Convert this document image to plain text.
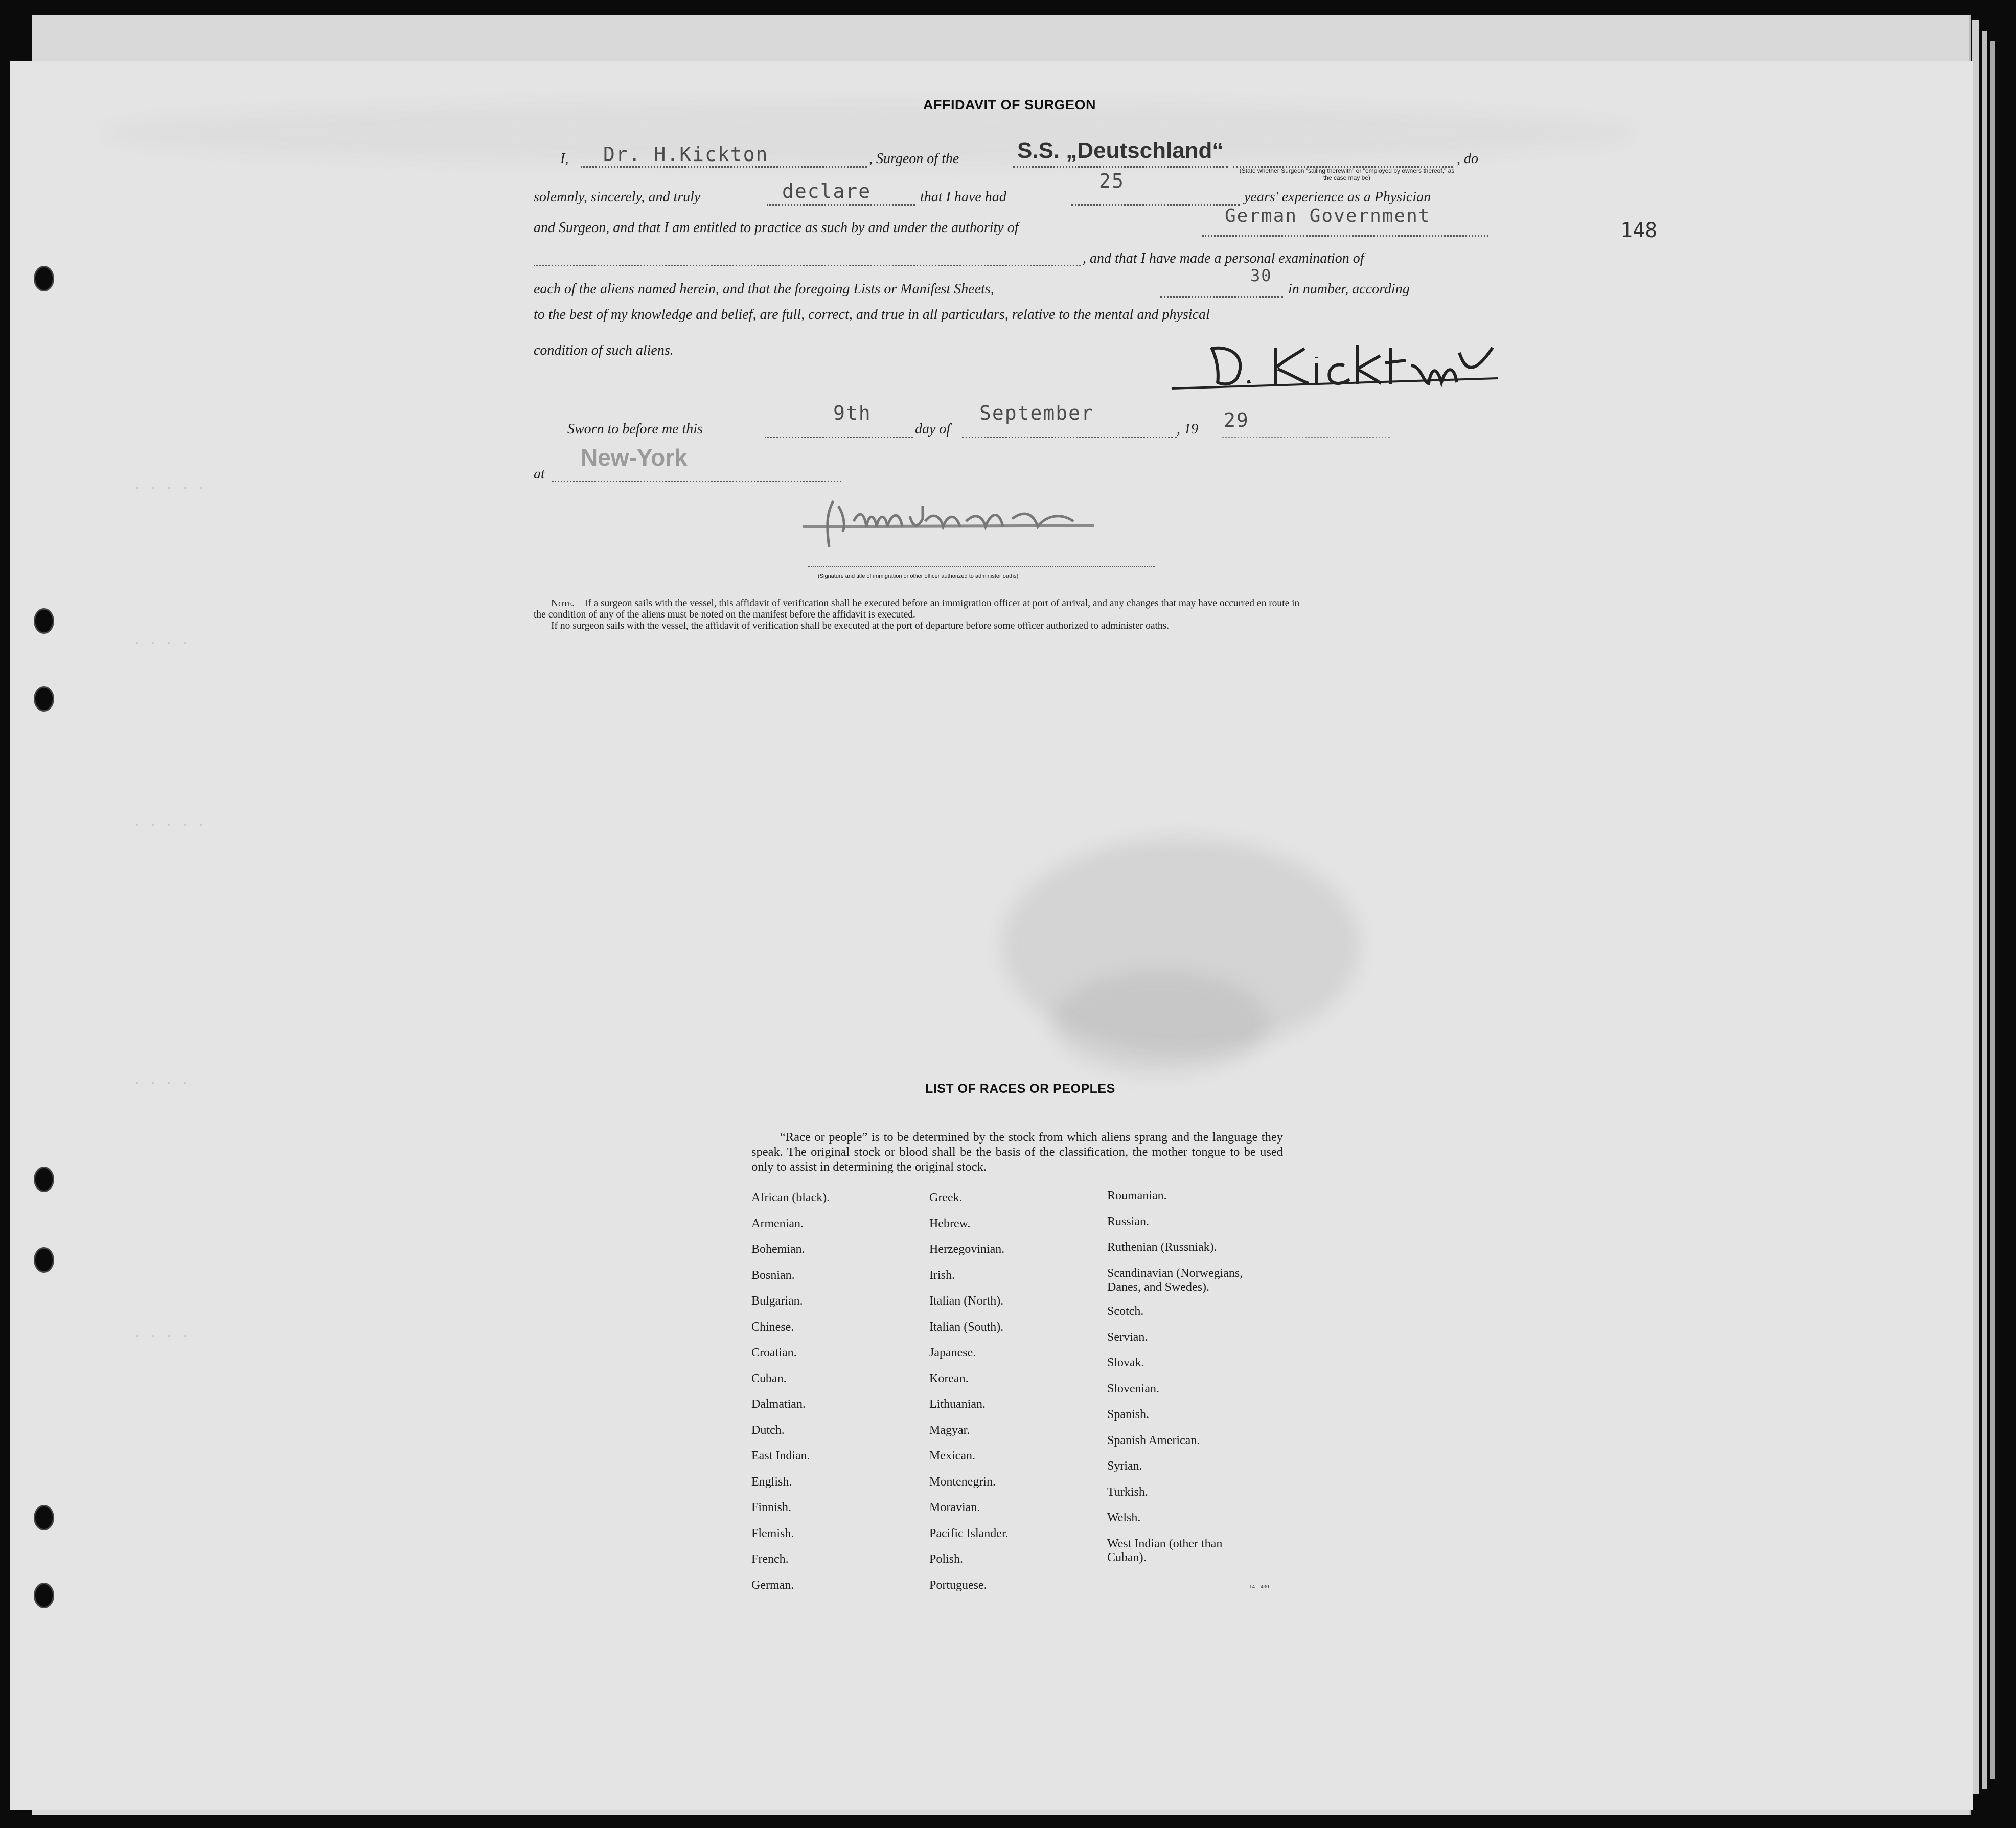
AFFIDAVIT OF SURGEON
I, Dr. H.Kickton	, Surgeon of the	S.S. „Deutschland“
(State whether Surgeon "sailing therewith" or "employed by owners thereof," as the case may be)
, do
solemnly, sincerely, and truly	declare	that I have had
25
years' experience as a Physician
and Surgeon, and that I am entitled to practice as such by and under the authority of
German Government
, and that I have made a personal examination of
each of the aliens named herein, and that the foregoing Lists or Manifest Sheets,
30
in number, according
to the best of my knowledge and belief, are full, correct, and true in all particulars, relative to the mental and physical
condition of such aliens.
148
Sworn to before me this
9th
day of
September
, 19 29
at
New-York
(Signature and title of immigration or other officer authorized to administer oaths)
Note.—If a surgeon sails with the vessel, this affidavit of verification shall be executed before an immigration officer at port of arrival, and any changes that may have occurred en route in
the condition of any of the aliens must be noted on the manifest before the affidavit is executed.
If no surgeon sails with the vessel, the affidavit of verification shall be executed at the port of departure before some officer authorized to administer oaths.
LIST OF RACES OR PEOPLES
“Race or people” is to be determined by the stock from which aliens sprang and the language they speak. The original stock or blood shall be the basis of the classification, the mother tongue to be used only to assist in determining the original stock.
African (black).
Armenian.
Bohemian.
Bosnian.
Bulgarian.
Chinese.
Croatian.
Cuban.
Dalmatian.
Dutch.
East Indian.
English.
Finnish.
Flemish.
French.
German.
Greek.
Hebrew.
Herzegovinian.
Irish.
Italian (North).
Italian (South).
Japanese.
Korean.
Lithuanian.
Magyar.
Mexican.
Montenegrin.
Moravian.
Pacific Islander.
Polish.
Portuguese.
Roumanian.
Russian.
Ruthenian (Russniak).
Scandinavian (Norwegians,
Danes, and Swedes).
Scotch.
Servian.
Slovak.
Slovenian.
Spanish.
Spanish American.
Syrian.
Turkish.
Welsh.
West Indian (other than
Cuban).
14—430
· · · · ·
· · · ·
· · · · ·
· · · ·
· · · ·
